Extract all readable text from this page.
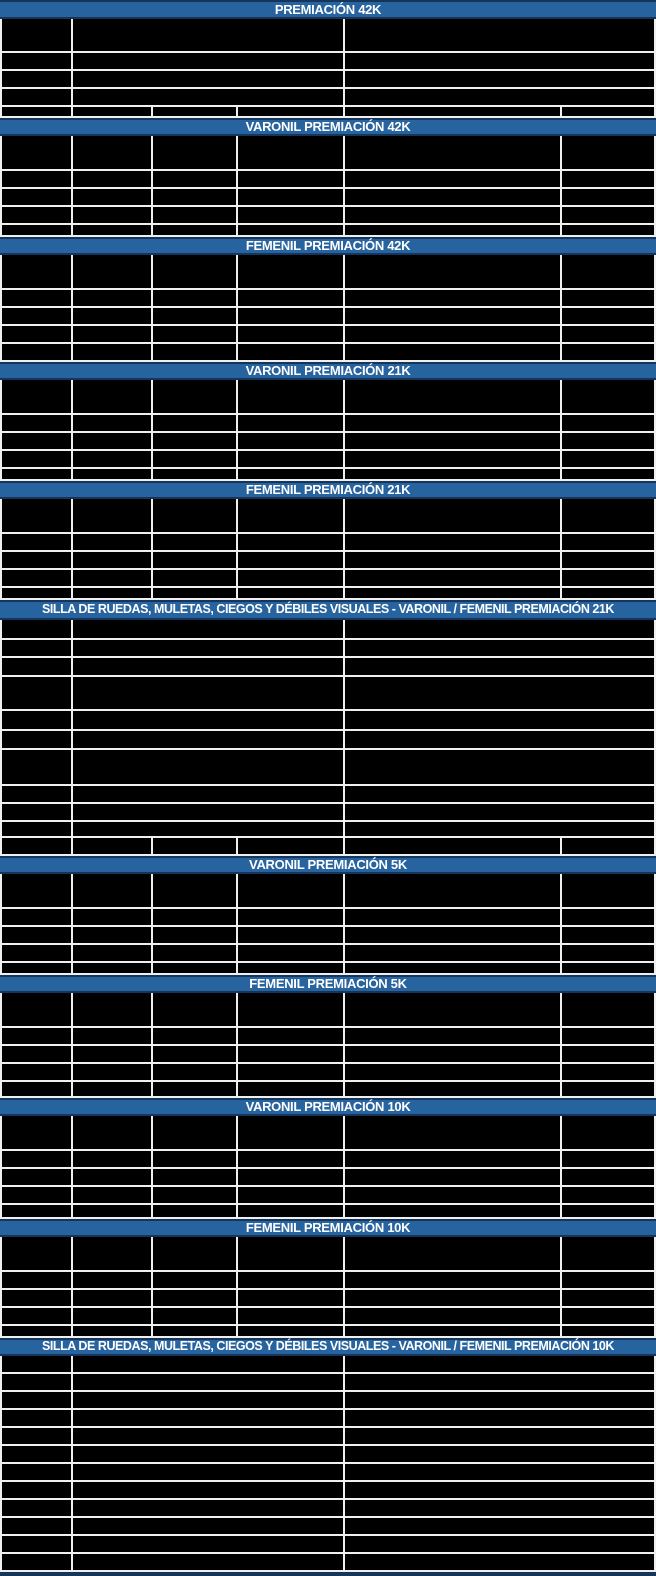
PREMIACIÓN 42K
VARONIL PREMIACIÓN 42K
FEMENIL PREMIACIÓN 42K
VARONIL PREMIACIÓN 21K
FEMENIL PREMIACIÓN 21K
SILLA DE RUEDAS, MULETAS, CIEGOS Y DÉBILES VISUALES - VARONIL / FEMENIL PREMIACIÓN 21K
VARONIL PREMIACIÓN 5K
FEMENIL PREMIACIÓN 5K
VARONIL PREMIACIÓN 10K
FEMENIL PREMIACIÓN 10K
SILLA DE RUEDAS, MULETAS, CIEGOS Y DÉBILES VISUALES - VARONIL / FEMENIL PREMIACIÓN 10K
